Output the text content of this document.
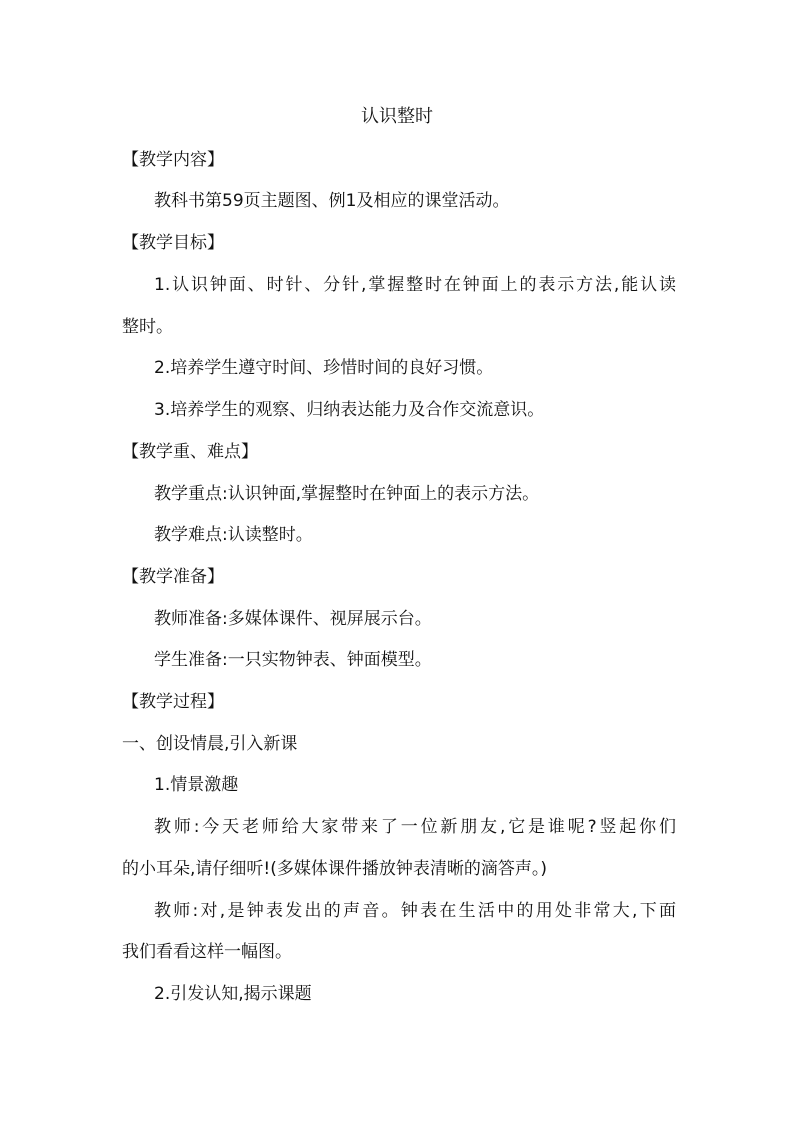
认识整时
【教学内容】
教科书第59页主题图、例1及相应的课堂活动。
【教学目标】
1.认识钟面、时针、分针,掌握整时在钟面上的表示方法,能认读
整时。
2.培养学生遵守时间、珍惜时间的良好习惯。
3.培养学生的观察、归纳表达能力及合作交流意识。
【教学重、难点】
教学重点:认识钟面,掌握整时在钟面上的表示方法。
教学难点:认读整时。
【教学准备】
教师准备:多媒体课件、视屏展示台。
学生准备:一只实物钟表、钟面模型。
【教学过程】
一、创设情晨,引入新课
1.情景激趣
教师:今天老师给大家带来了一位新朋友,它是谁呢?竖起你们
的小耳朵,请仔细听!(多媒体课件播放钟表清晰的滴答声。)
教师:对,是钟表发出的声音。钟表在生活中的用处非常大,下面
我们看看这样一幅图。
2.引发认知,揭示课题
